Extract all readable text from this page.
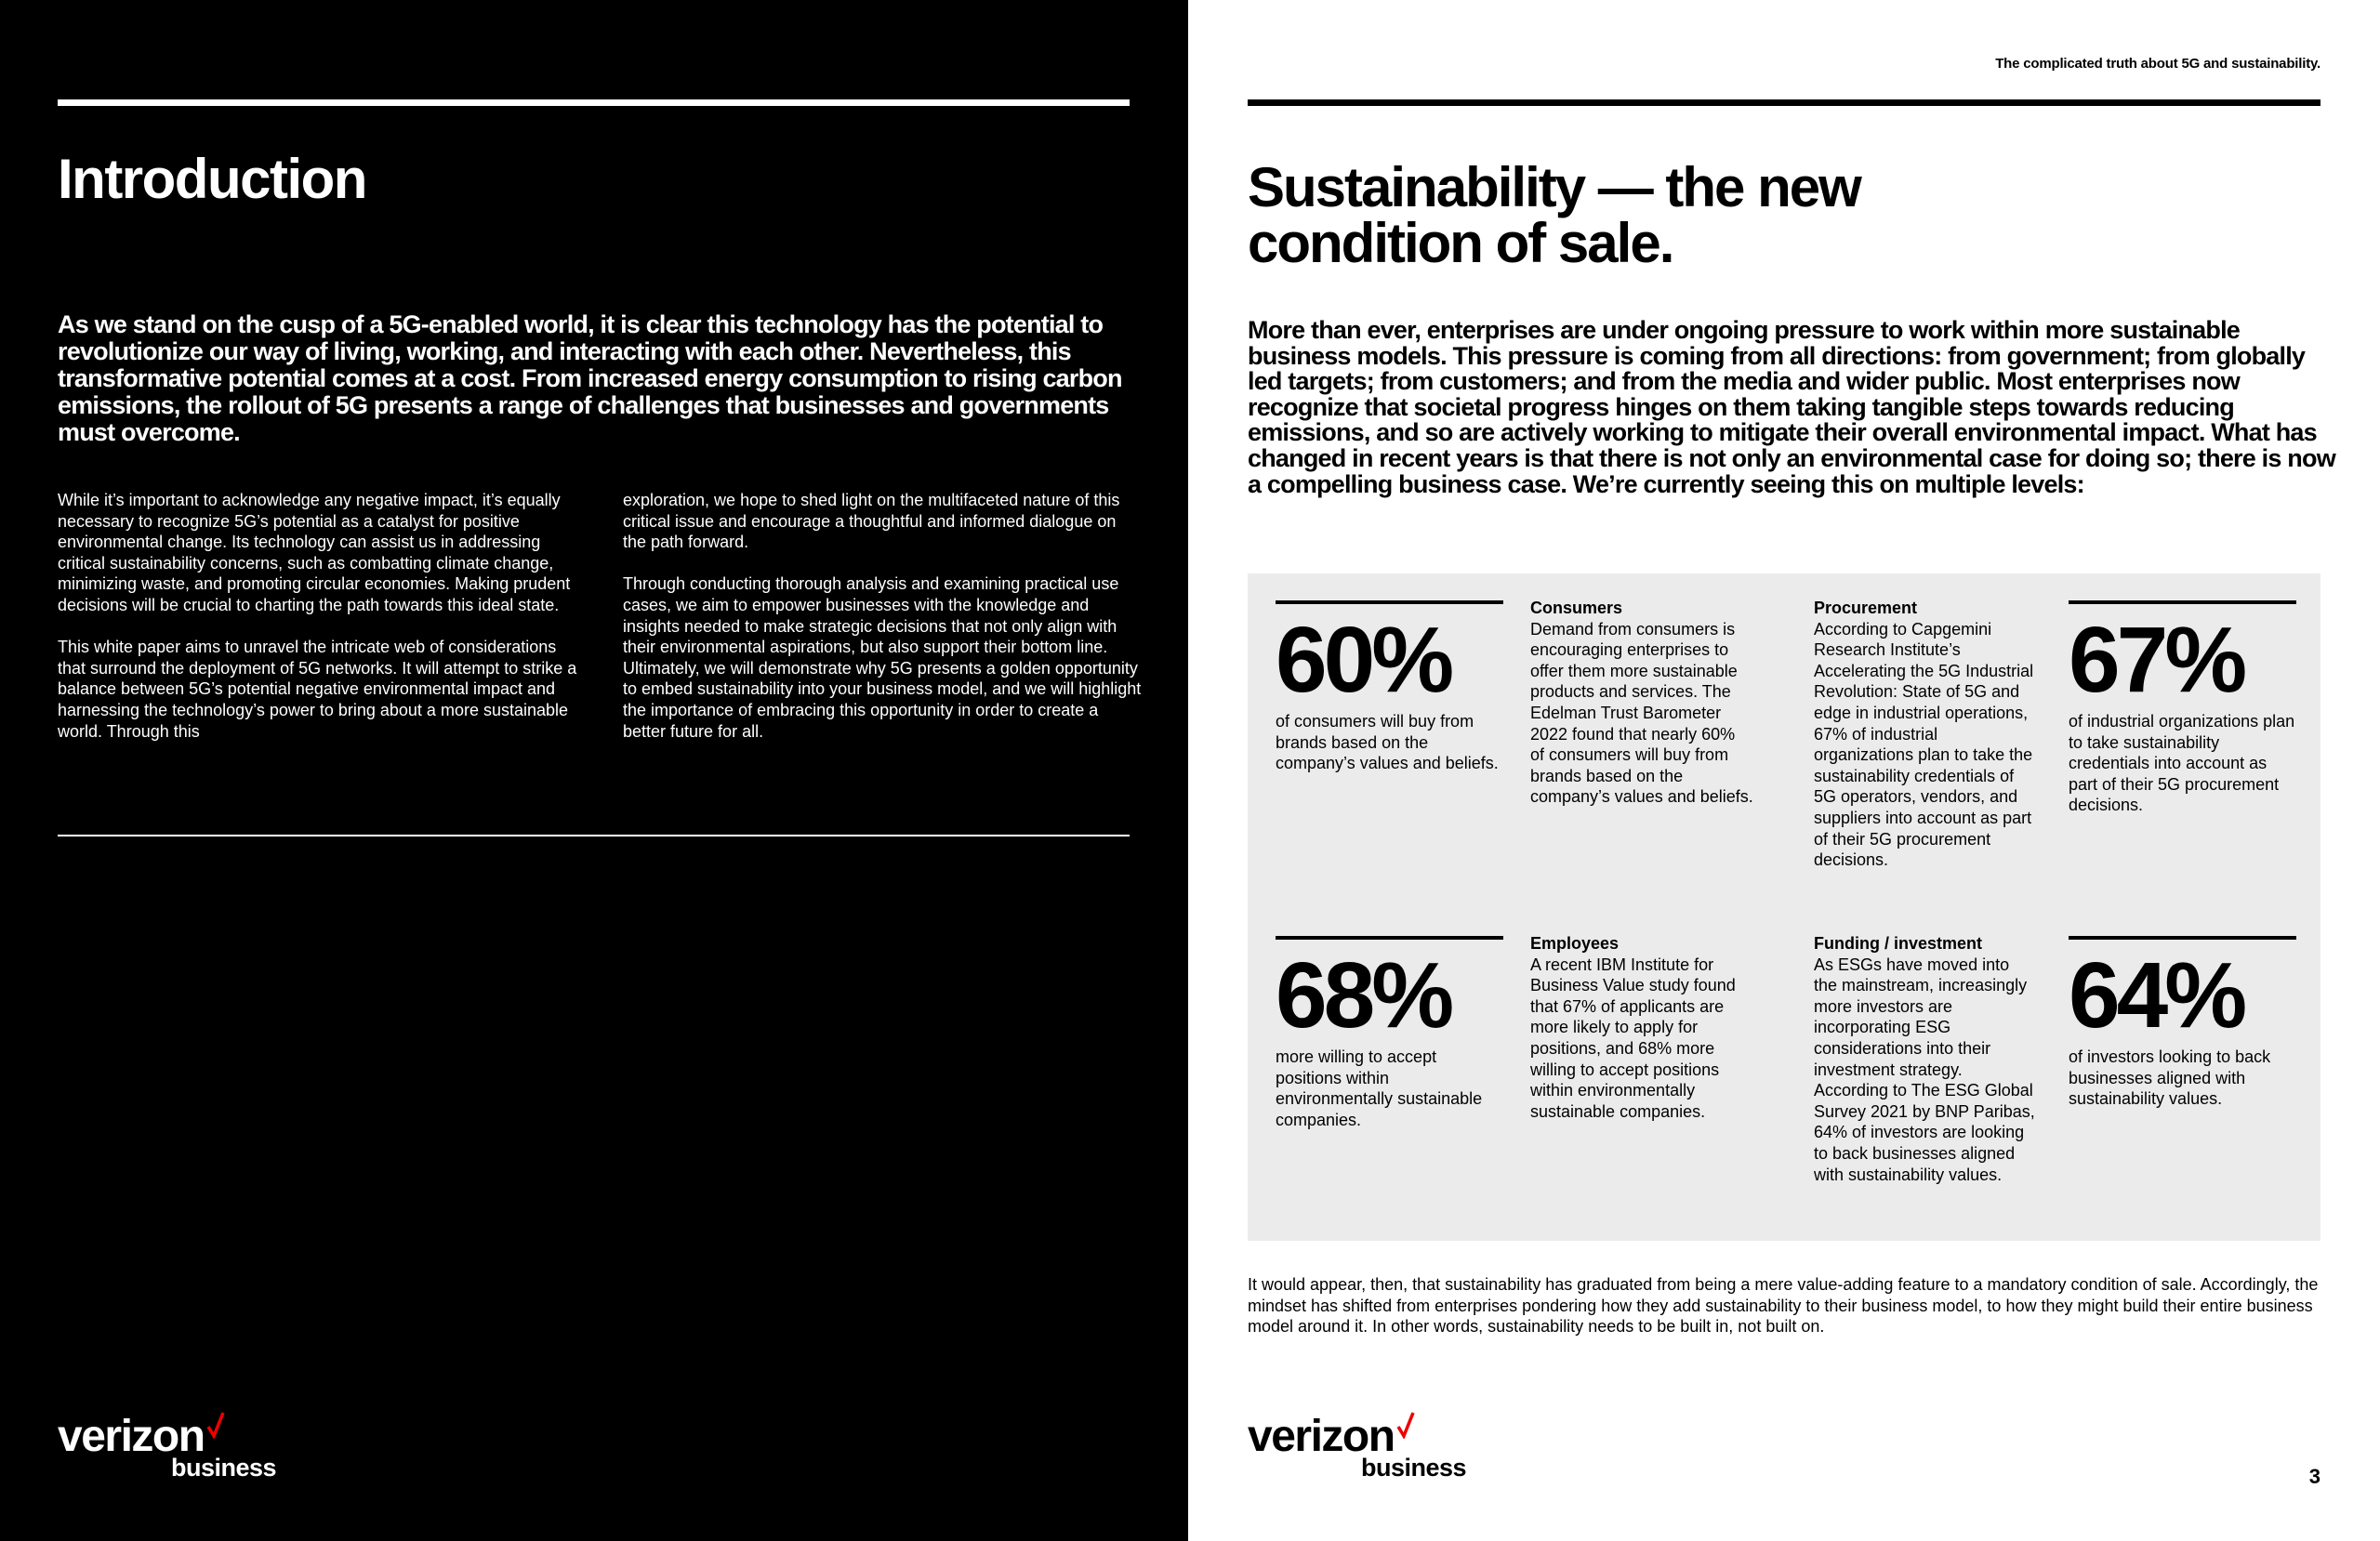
Introduction

As we stand on the cusp of a 5G-enabled world, it is clear this technology has the potential to revolutionize our way of living, working, and interacting with each other. Nevertheless, this transformative potential comes at a cost. From increased energy consumption to rising carbon emissions, the rollout of 5G presents a range of challenges that businesses and governments must overcome.

While it’s important to acknowledge any negative impact, it’s equally necessary to recognize 5G’s potential as a catalyst for positive environmental change. Its technology can assist us in addressing critical sustainability concerns, such as combatting climate change, minimizing waste, and promoting circular economies. Making prudent decisions will be crucial to charting the path towards this ideal state.

This white paper aims to unravel the intricate web of considerations that surround the deployment of 5G networks. It will attempt to strike a balance between 5G’s potential negative environmental impact and harnessing the technology’s power to bring about a more sustainable world. Through this

exploration, we hope to shed light on the multifaceted nature of this critical issue and encourage a thoughtful and informed dialogue on the path forward.

Through conducting thorough analysis and examining practical use cases, we aim to empower businesses with the knowledge and insights needed to make strategic decisions that not only align with their environmental aspirations, but also support their bottom line. Ultimately, we will demonstrate why 5G presents a golden opportunity to embed sustainability into your business model, and we will highlight the importance of embracing this opportunity in order to create a better future for all.

verizon
business
The complicated truth about 5G and sustainability.
Sustainability — the new condition of sale.

More than ever, enterprises are under ongoing pressure to work within more sustainable business models. This pressure is coming from all directions: from government; from globally led targets; from customers; and from the media and wider public. Most enterprises now recognize that societal progress hinges on them taking tangible steps towards reducing emissions, and so are actively working to mitigate their overall environmental impact. What has changed in recent years is that there is not only an environmental case for doing so; there is now a compelling business case. We’re currently seeing this on multiple levels:

60%
of consumers will buy from brands based on the company’s values and beliefs.
Consumers
Demand from consumers is encouraging enterprises to offer them more sustainable products and services. The Edelman Trust Barometer 2022 found that nearly 60% of consumers will buy from brands based on the company’s values and beliefs.
Procurement
According to Capgemini Research Institute’s Accelerating the 5G Industrial Revolution: State of 5G and edge in industrial operations, 67% of industrial organizations plan to take the sustainability credentials of 5G operators, vendors, and suppliers into account as part of their 5G procurement decisions.
67%
of industrial organizations plan to take sustainability credentials into account as part of their 5G procurement decisions.
68%
more willing to accept positions within environmentally sustainable companies.
Employees
A recent IBM Institute for Business Value study found that 67% of applicants are more likely to apply for positions, and 68% more willing to accept positions within environmentally sustainable companies.
Funding / investment
As ESGs have moved into the mainstream, increasingly more investors are incorporating ESG considerations into their investment strategy. According to The ESG Global Survey 2021 by BNP Paribas, 64% of investors are looking to back businesses aligned with sustainability values.
64%
of investors looking to back businesses aligned with sustainability values.

It would appear, then, that sustainability has graduated from being a mere value-adding feature to a mandatory condition of sale. Accordingly, the mindset has shifted from enterprises pondering how they add sustainability to their business model, to how they might build their entire business model around it. In other words, sustainability needs to be built in, not built on.

verizon
business	3
